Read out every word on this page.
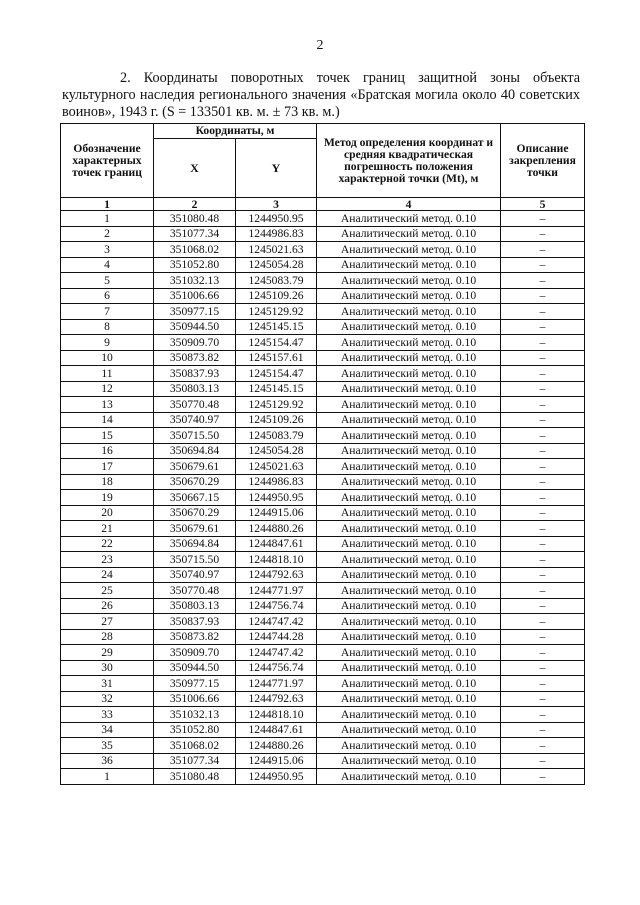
2
2. Координаты поворотных точек границ защитной зоны объекта культурного наследия регионального значения «Братская могила около 40 советских воинов», 1943 г. (S = 133501 кв. м. ± 73 кв. м.)
Обозначение характерных точек границ	Координаты, м		Метод определения координат и средняя квадратическая погрешность положения характерной точки (Mt), м	Описание закрепления точки
	X	Y		
1	2	3	4	5
1	351080.48	1244950.95	Аналитический метод. 0.10	–
2	351077.34	1244986.83	Аналитический метод. 0.10	–
3	351068.02	1245021.63	Аналитический метод. 0.10	–
4	351052.80	1245054.28	Аналитический метод. 0.10	–
5	351032.13	1245083.79	Аналитический метод. 0.10	–
6	351006.66	1245109.26	Аналитический метод. 0.10	–
7	350977.15	1245129.92	Аналитический метод. 0.10	–
8	350944.50	1245145.15	Аналитический метод. 0.10	–
9	350909.70	1245154.47	Аналитический метод. 0.10	–
10	350873.82	1245157.61	Аналитический метод. 0.10	–
11	350837.93	1245154.47	Аналитический метод. 0.10	–
12	350803.13	1245145.15	Аналитический метод. 0.10	–
13	350770.48	1245129.92	Аналитический метод. 0.10	–
14	350740.97	1245109.26	Аналитический метод. 0.10	–
15	350715.50	1245083.79	Аналитический метод. 0.10	–
16	350694.84	1245054.28	Аналитический метод. 0.10	–
17	350679.61	1245021.63	Аналитический метод. 0.10	–
18	350670.29	1244986.83	Аналитический метод. 0.10	–
19	350667.15	1244950.95	Аналитический метод. 0.10	–
20	350670.29	1244915.06	Аналитический метод. 0.10	–
21	350679.61	1244880.26	Аналитический метод. 0.10	–
22	350694.84	1244847.61	Аналитический метод. 0.10	–
23	350715.50	1244818.10	Аналитический метод. 0.10	–
24	350740.97	1244792.63	Аналитический метод. 0.10	–
25	350770.48	1244771.97	Аналитический метод. 0.10	–
26	350803.13	1244756.74	Аналитический метод. 0.10	–
27	350837.93	1244747.42	Аналитический метод. 0.10	–
28	350873.82	1244744.28	Аналитический метод. 0.10	–
29	350909.70	1244747.42	Аналитический метод. 0.10	–
30	350944.50	1244756.74	Аналитический метод. 0.10	–
31	350977.15	1244771.97	Аналитический метод. 0.10	–
32	351006.66	1244792.63	Аналитический метод. 0.10	–
33	351032.13	1244818.10	Аналитический метод. 0.10	–
34	351052.80	1244847.61	Аналитический метод. 0.10	–
35	351068.02	1244880.26	Аналитический метод. 0.10	–
36	351077.34	1244915.06	Аналитический метод. 0.10	–
1	351080.48	1244950.95	Аналитический метод. 0.10	–
